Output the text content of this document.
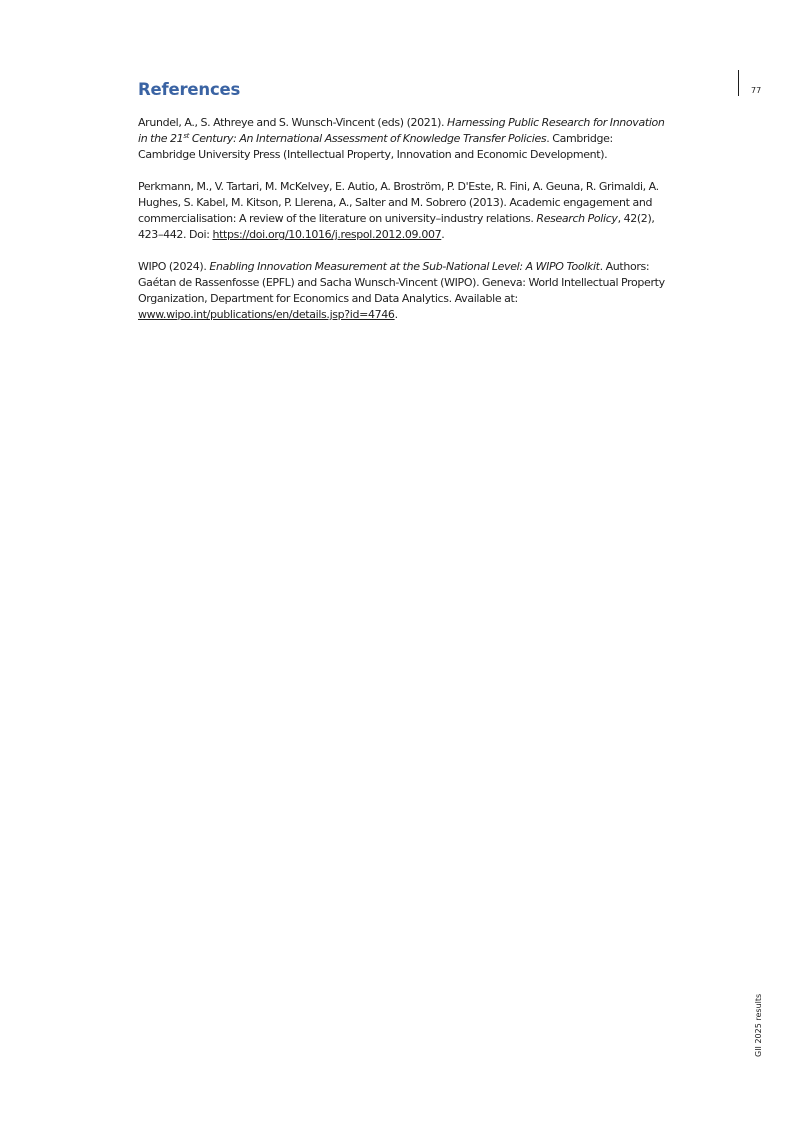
77
References

Arundel, A., S. Athreye and S. Wunsch-Vincent (eds) (2021). Harnessing Public Research for Innovation in the 21st Century: An International Assessment of Knowledge Transfer Policies. Cambridge: Cambridge University Press (Intellectual Property, Innovation and Economic Development).

Perkmann, M., V. Tartari, M. McKelvey, E. Autio, A. Broström, P. D'Este, R. Fini, A. Geuna, R. Grimaldi, A. Hughes, S. Kabel, M. Kitson, P. Llerena, A., Salter and M. Sobrero (2013). Academic engagement and commercialisation: A review of the literature on university–industry relations. Research Policy, 42(2), 423–442. Doi: https://doi.org/10.1016/j.respol.2012.09.007.

WIPO (2024). Enabling Innovation Measurement at the Sub-National Level: A WIPO Toolkit. Authors: Gaétan de Rassenfosse (EPFL) and Sacha Wunsch-Vincent (WIPO). Geneva: World Intellectual Property Organization, Department for Economics and Data Analytics. Available at: www.wipo.int/publications/en/details.jsp?id=4746.

GII 2025 results
